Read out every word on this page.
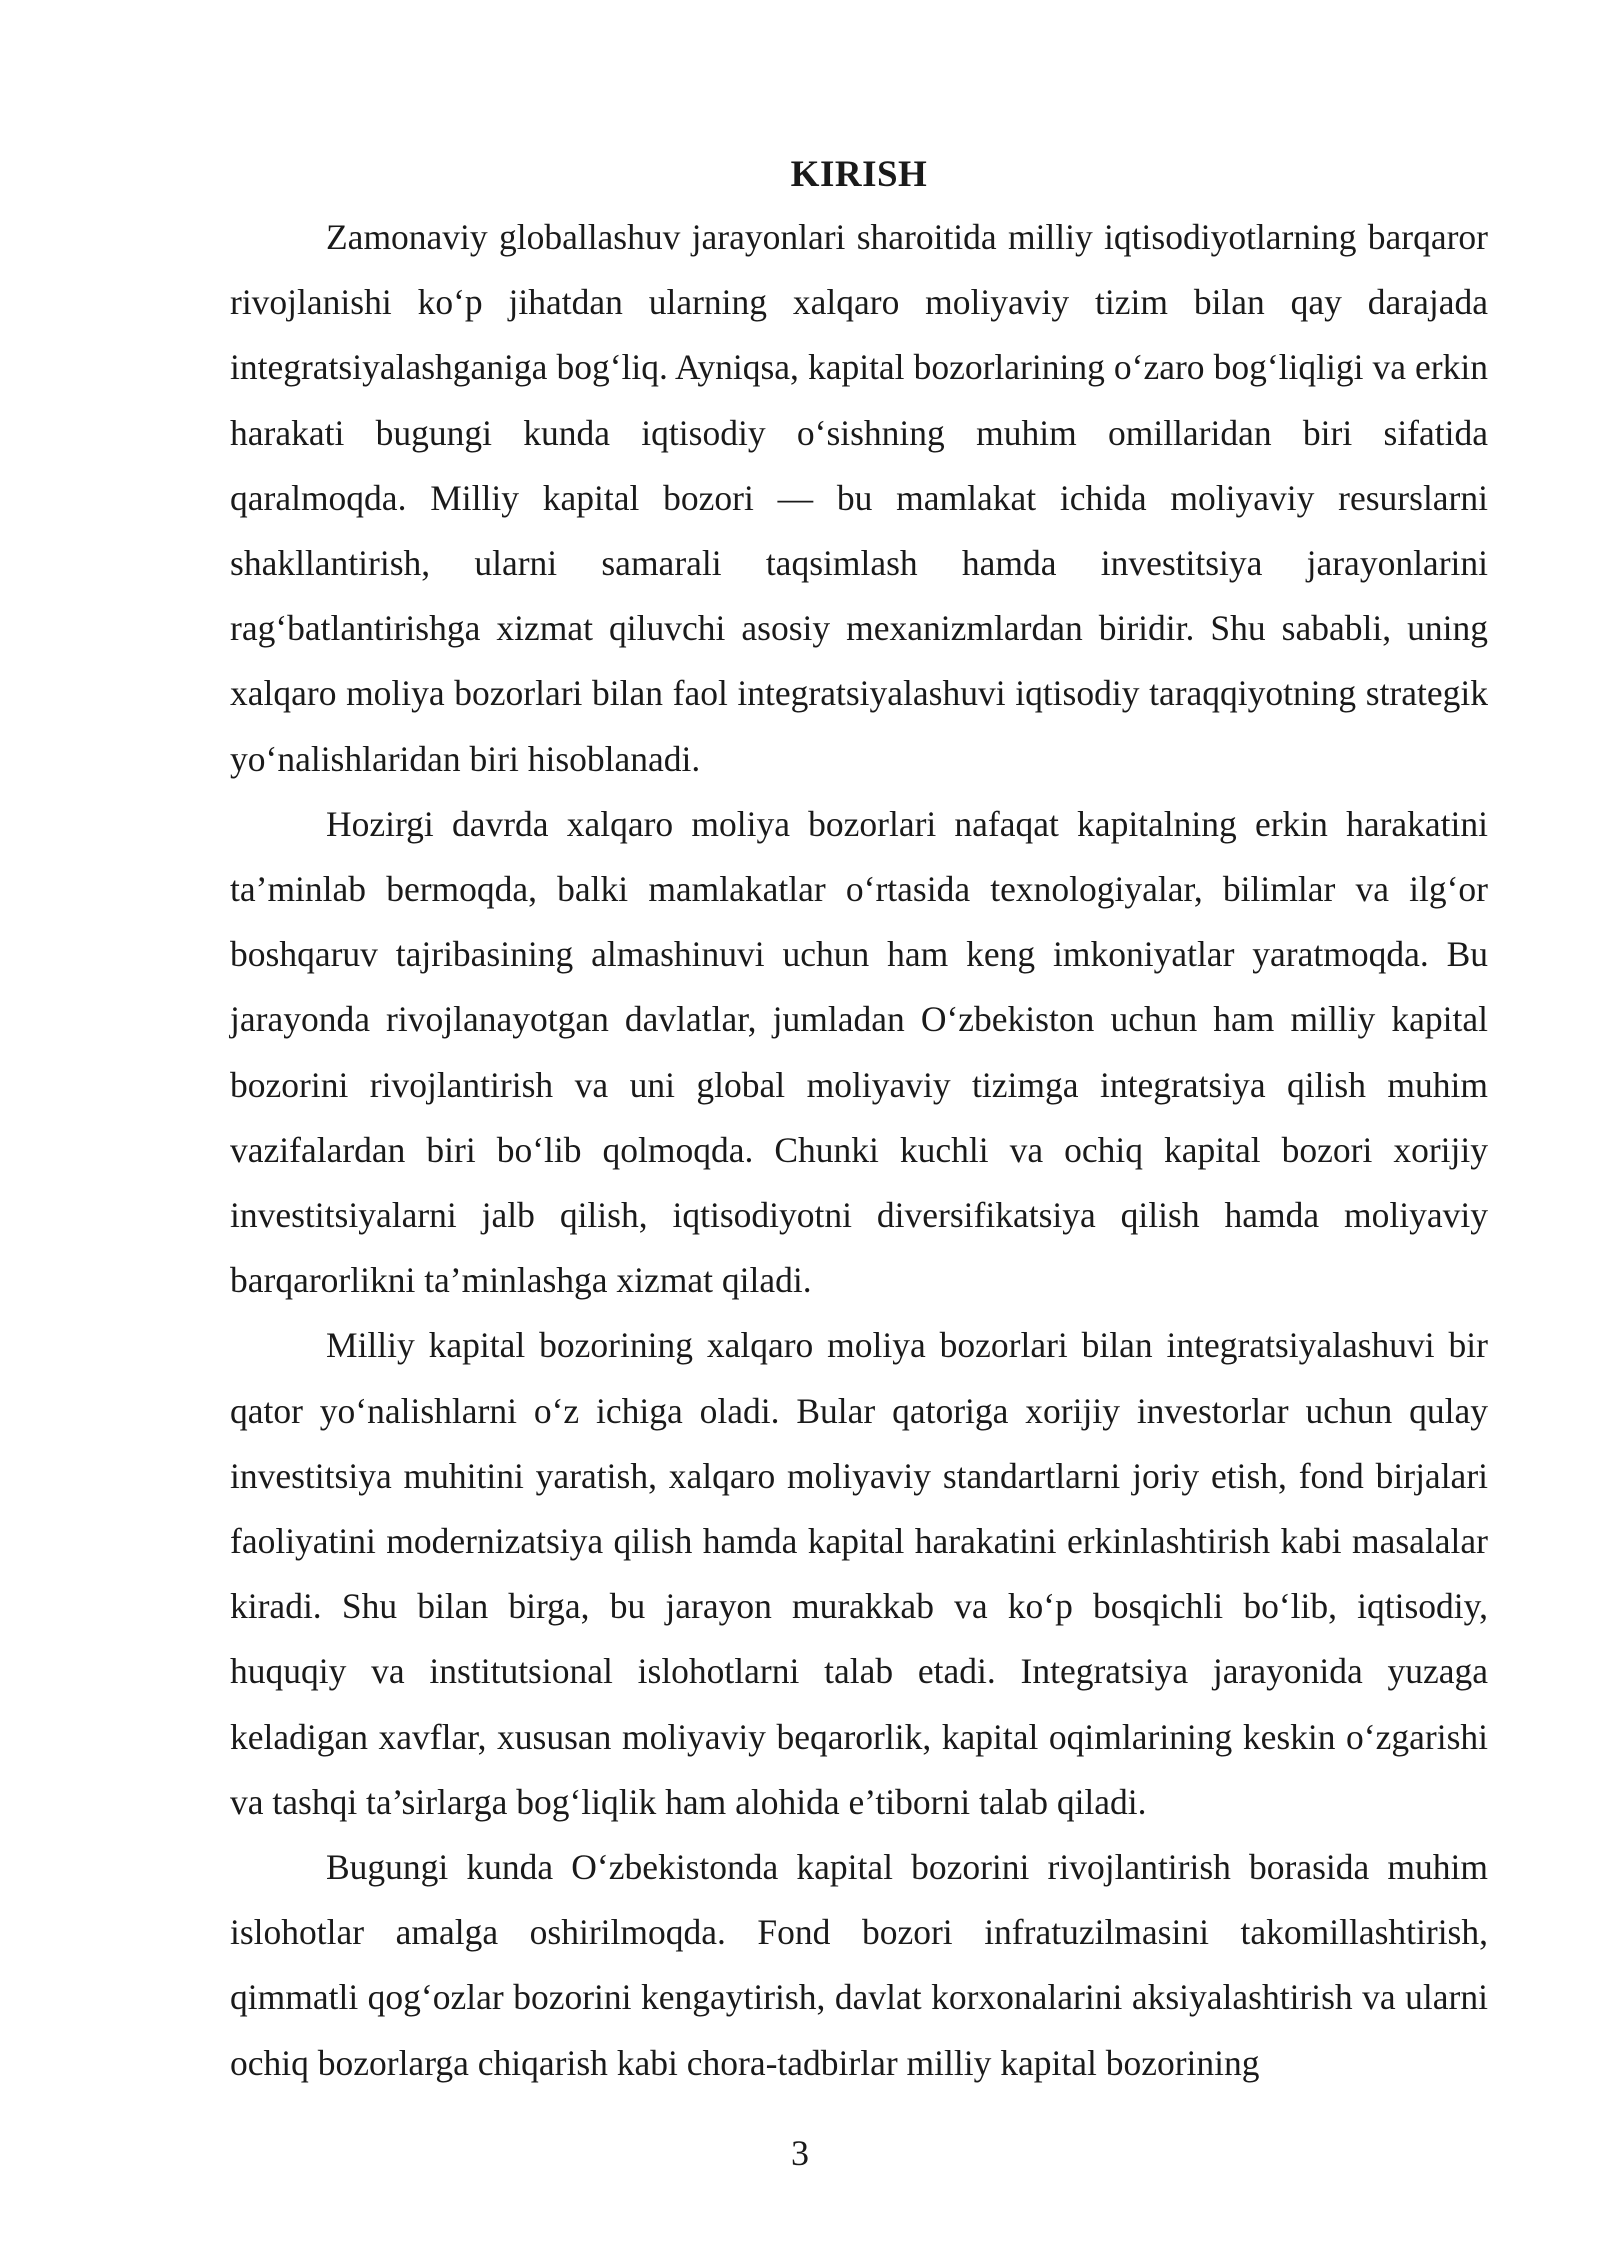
KIRISH

Zamonaviy globallashuv jarayonlari sharoitida milliy iqtisodiyotlarning barqaror rivojlanishi ko‘p jihatdan ularning xalqaro moliyaviy tizim bilan qay darajada integratsiyalashganiga bog‘liq. Ayniqsa, kapital bozorlarining o‘zaro bog‘liqligi va erkin harakati bugungi kunda iqtisodiy o‘sishning muhim omillaridan biri sifatida qaralmoqda. Milliy kapital bozori — bu mamlakat ichida moliyaviy resurslarni shakllantirish, ularni samarali taqsimlash hamda investitsiya jarayonlarini rag‘batlantirishga xizmat qiluvchi asosiy mexanizmlardan biridir. Shu sababli, uning xalqaro moliya bozorlari bilan faol integratsiyalashuvi iqtisodiy taraqqiyotning strategik yo‘nalishlaridan biri hisoblanadi.

Hozirgi davrda xalqaro moliya bozorlari nafaqat kapitalning erkin harakatini ta’minlab bermoqda, balki mamlakatlar o‘rtasida texnologiyalar, bilimlar va ilg‘or boshqaruv tajribasining almashinuvi uchun ham keng imkoniyatlar yaratmoqda. Bu jarayonda rivojlanayotgan davlatlar, jumladan O‘zbekiston uchun ham milliy kapital bozorini rivojlantirish va uni global moliyaviy tizimga integratsiya qilish muhim vazifalardan biri bo‘lib qolmoqda. Chunki kuchli va ochiq kapital bozori xorijiy investitsiyalarni jalb qilish, iqtisodiyotni diversifikatsiya qilish hamda moliyaviy barqarorlikni ta’minlashga xizmat qiladi.

Milliy kapital bozorining xalqaro moliya bozorlari bilan integratsiyalashuvi bir qator yo‘nalishlarni o‘z ichiga oladi. Bular qatoriga xorijiy investorlar uchun qulay investitsiya muhitini yaratish, xalqaro moliyaviy standartlarni joriy etish, fond birjalari faoliyatini modernizatsiya qilish hamda kapital harakatini erkinlashtirish kabi masalalar kiradi. Shu bilan birga, bu jarayon murakkab va ko‘p bosqichli bo‘lib, iqtisodiy, huquqiy va institutsional islohotlarni talab etadi. Integratsiya jarayonida yuzaga keladigan xavflar, xususan moliyaviy beqarorlik, kapital oqimlarining keskin o‘zgarishi va tashqi ta’sirlarga bog‘liqlik ham alohida e’tiborni talab qiladi.

Bugungi kunda O‘zbekistonda kapital bozorini rivojlantirish borasida muhim islohotlar amalga oshirilmoqda. Fond bozori infratuzilmasini takomillashtirish, qimmatli qog‘ozlar bozorini kengaytirish, davlat korxonalarini aksiyalashtirish va ularni ochiq bozorlarga chiqarish kabi chora-tadbirlar milliy kapital bozorining

3
